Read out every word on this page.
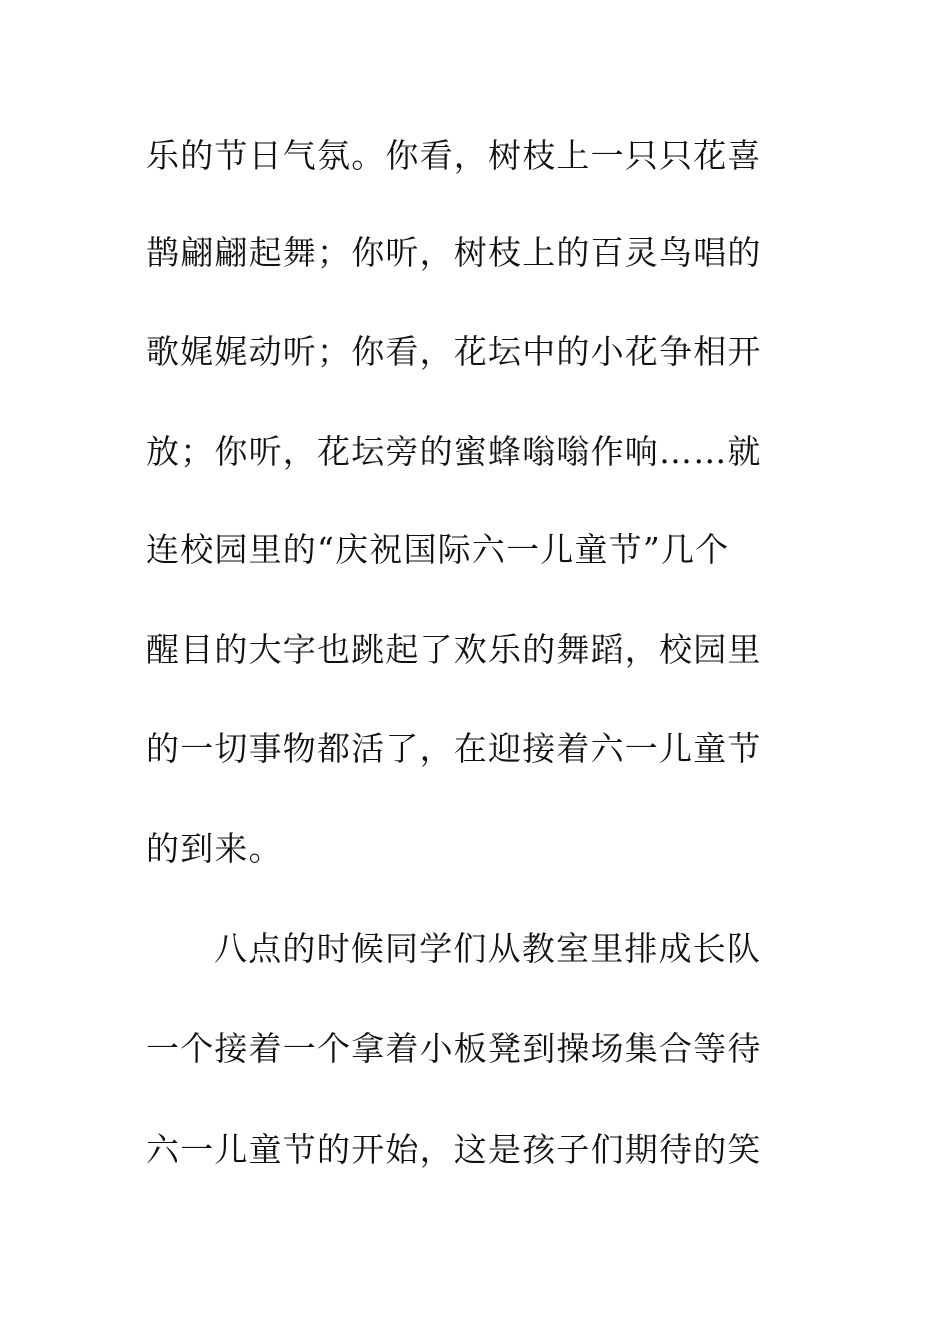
乐的节日气氛。你看，树枝上一只只花喜
鹊翩翩起舞；你听，树枝上的百灵鸟唱的
歌娓娓动听；你看，花坛中的小花争相开
放；你听，花坛旁的蜜蜂嗡嗡作响……就
连校园里的“庆祝国际六一儿童节”几个
醒目的大字也跳起了欢乐的舞蹈，校园里
的一切事物都活了，在迎接着六一儿童节
的到来。
八点的时候同学们从教室里排成长队
一个接着一个拿着小板凳到操场集合等待
六一儿童节的开始，这是孩子们期待的笑
